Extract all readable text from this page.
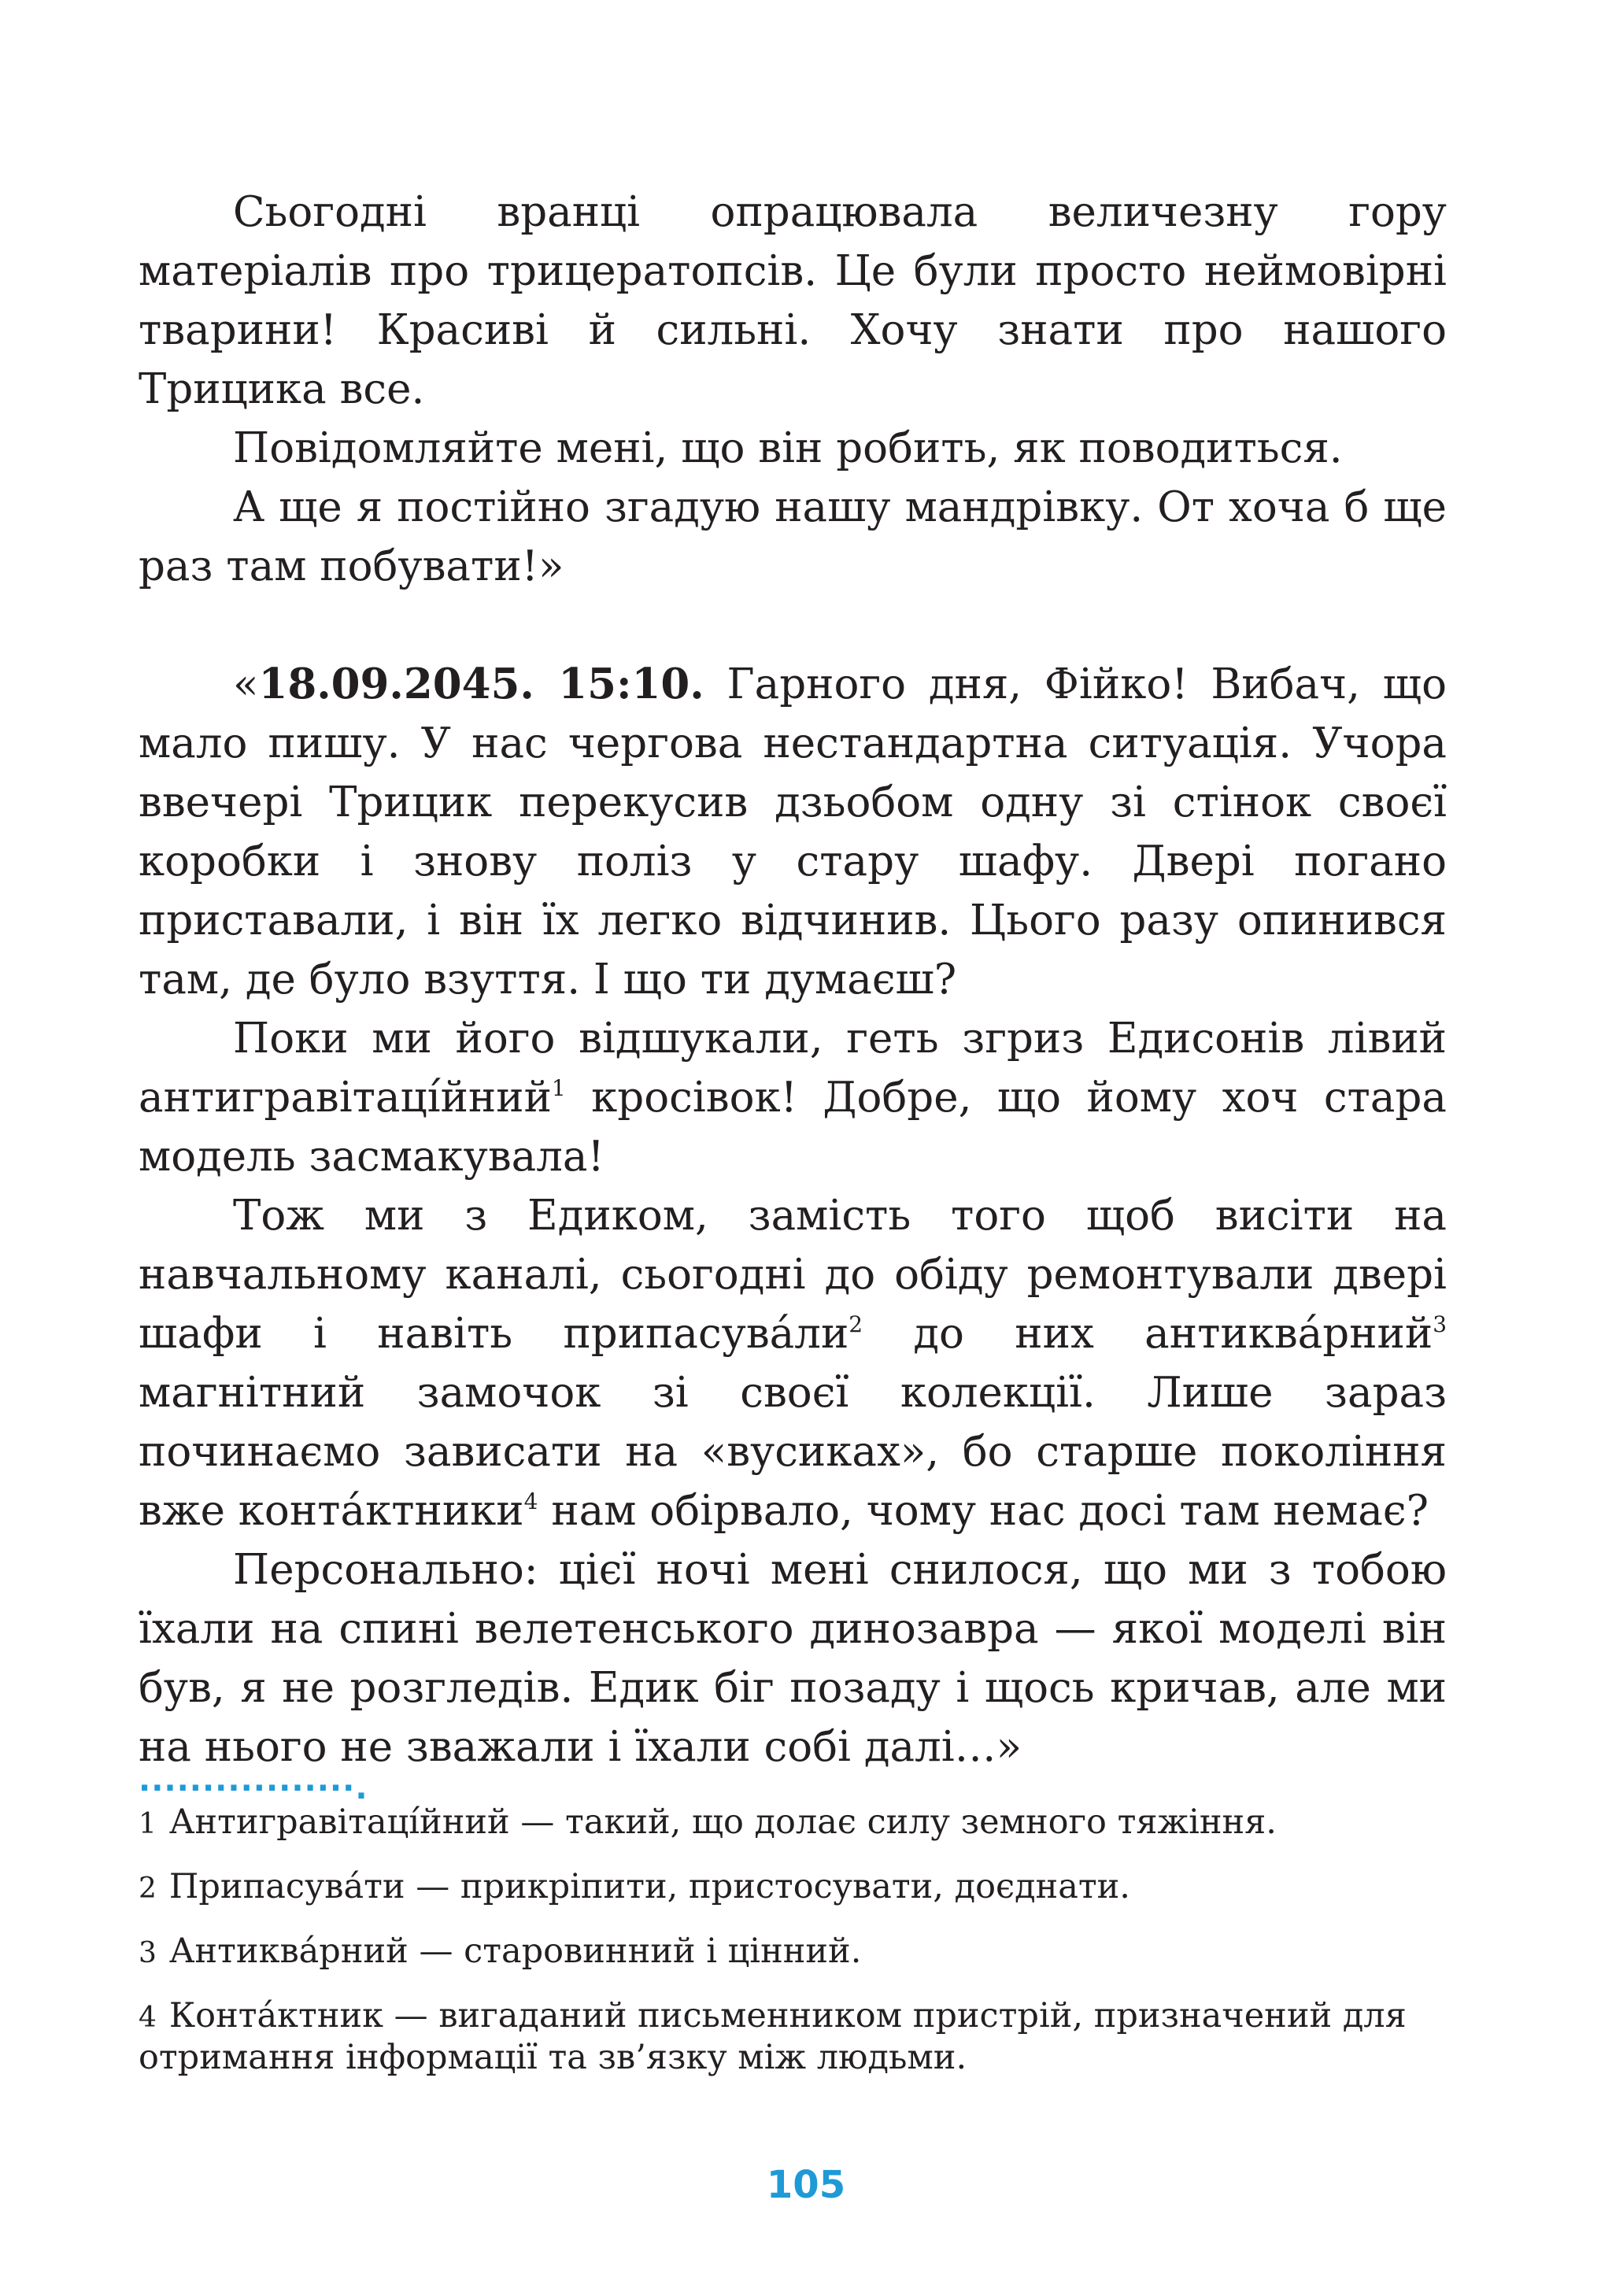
Сьогодні вранці опрацювала величезну гору матеріалів про трицератопсів. Це були просто неймовірні тварини! Красиві й сильні. Хочу знати про нашого Трицика все.

Повідомляйте мені, що він робить, як поводиться.

А ще я постійно згадую нашу мандрівку. От хоча б ще раз там побувати!»

«18.09.2045. 15:10. Гарного дня, Фійко! Вибач, що мало пишу. У нас чергова нестандартна ситуація. Учора ввечері Трицик перекусив дзьобом одну зі стінок своєї коробки і знову поліз у стару шафу. Двері погано приставали, і він їх легко відчинив. Цього разу опинився там, де було взуття. І що ти думаєш?

Поки ми його відшукали, геть згриз Едисонів лівий антигравітаці́йний$^1$ кросівок! Добре, що йому хоч стара модель засмакувала!

Тож ми з Едиком, замість того щоб висіти на навчальному каналі, сьогодні до обіду ремонтували двері шафи і навіть $припасува́ли^2$ до них антиква́рний$^3$ магнітний замочок зі своєї колекції. Лише зараз починаємо зависати на «вусиках», бо старше покоління вже конта́ктники$^4$ нам обірвало, чому нас досі там немає?

Персонально: цієї ночі мені снилося, що ми з тобою їхали на спині велетенського динозавра — якої моделі він був, я не розгледів. Едик біг позаду і щось кричав, але ми на нього не зважали і їхали собі далі…»

·················.

1 Антигравітаці́йний — такий, що долає силу земного тяжіння.

2 Припасува́ти — прикріпити, пристосувати, доєднати.

3 Антиква́рний — старовинний і цінний.

4 Конта́ктник — вигаданий письменником пристрій, призначений для отримання інформації та зв’язку між людьми.

105
